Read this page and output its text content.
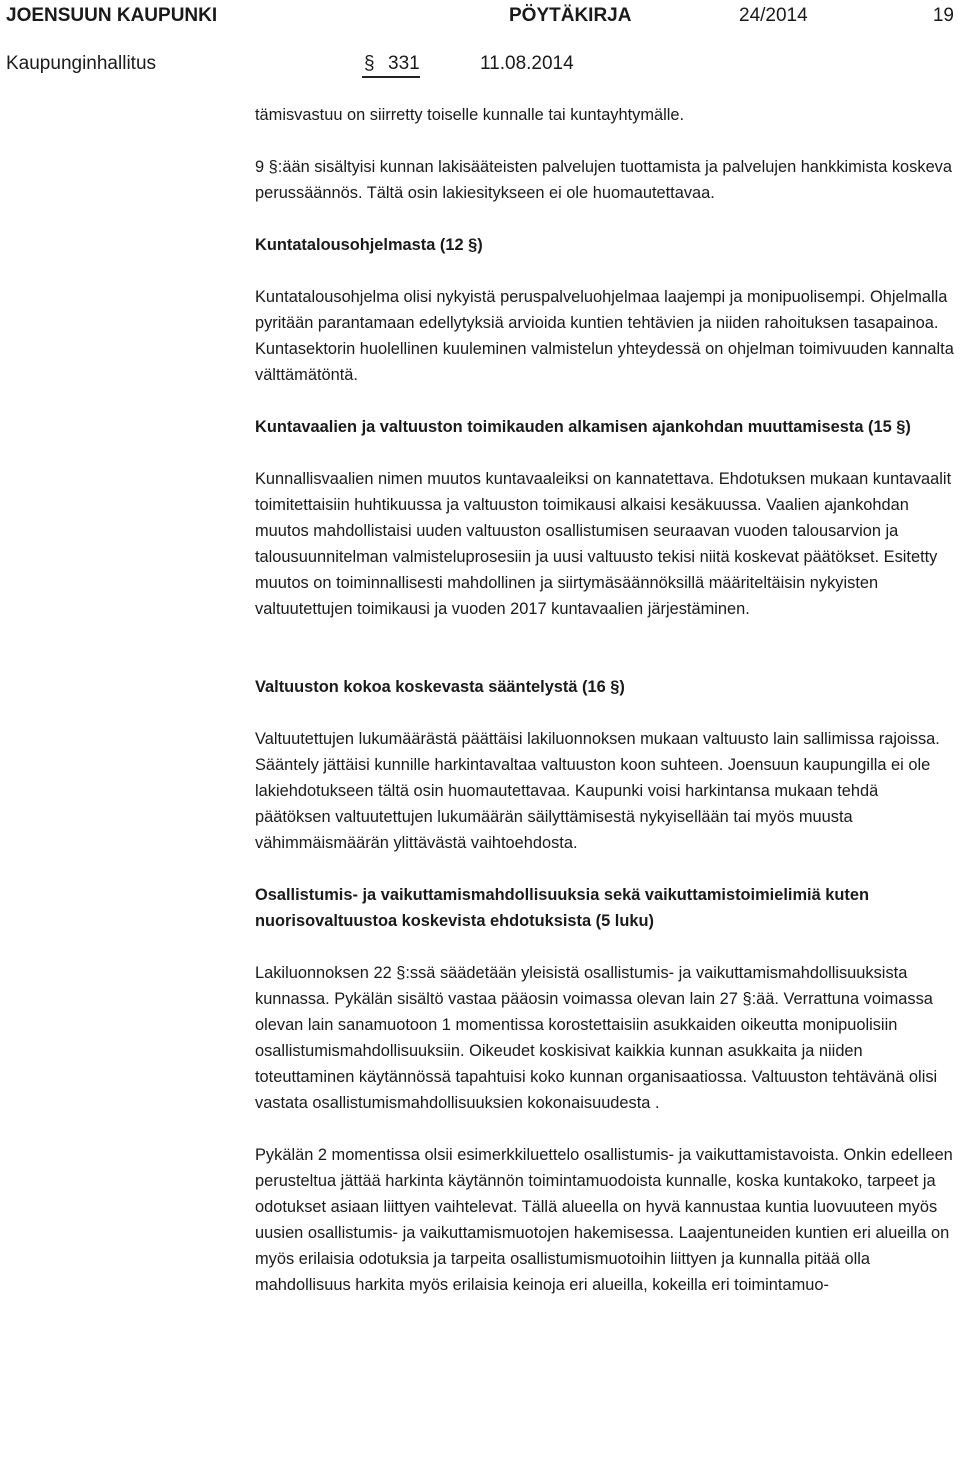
JOENSUUN KAUPUNKI	PÖYTÄKIRJA	24/2014	19
Kaupunginhallitus	§ 331	11.08.2014

tämisvastuu on siirretty toiselle kunnalle tai kuntayhtymälle.

9 §:ään sisältyisi kunnan lakisääteisten palvelujen tuottamista ja palvelujen hankkimista koskeva perussäännös. Tältä osin lakiesitykseen ei ole huomautettavaa.

Kuntatalousohjelmasta (12 §)

Kuntatalousohjelma olisi nykyistä peruspalveluohjelmaa laajempi ja monipuolisempi. Ohjelmalla pyritään parantamaan edellytyksiä arvioida kuntien tehtävien ja niiden rahoituksen tasapainoa. Kuntasektorin huolellinen kuuleminen valmistelun yhteydessä on ohjelman toimivuuden kannalta välttämätöntä.

Kuntavaalien ja valtuuston toimikauden alkamisen ajankohdan muuttamisesta (15 §)

Kunnallisvaalien nimen muutos kuntavaaleiksi on kannatettava. Ehdotuksen mukaan kuntavaalit toimitettaisiin huhtikuussa ja valtuuston toimikausi alkaisi kesäkuussa. Vaalien ajankohdan muutos mahdollistaisi uuden valtuuston osallistumisen seuraavan vuoden talousarvion ja talousuunnitelman valmisteluprosesiin ja uusi valtuusto tekisi niitä koskevat päätökset. Esitetty muutos on toiminnallisesti mahdollinen ja siirtymäsäännöksillä määriteltäisin nykyisten valtuutettujen toimikausi ja vuoden 2017 kuntavaalien järjestäminen.

Valtuuston kokoa koskevasta sääntelystä (16 §)

Valtuutettujen lukumäärästä päättäisi lakiluonnoksen mukaan valtuusto lain sallimissa rajoissa. Sääntely jättäisi kunnille harkintavaltaa valtuuston koon suhteen. Joensuun kaupungilla ei ole lakiehdotukseen tältä osin huomautettavaa. Kaupunki voisi harkintansa mukaan tehdä päätöksen valtuutettujen lukumäärän säilyttämisestä nykyisellään tai myös muusta vähimmäismäärän ylittävästä vaihtoehdosta.

Osallistumis- ja vaikuttamismahdollisuuksia sekä vaikuttamistoimielimiä kuten nuorisovaltuustoa koskevista ehdotuksista (5 luku)

Lakiluonnoksen 22 §:ssä säädetään yleisistä osallistumis- ja vaikuttamismahdollisuuksista kunnassa. Pykälän sisältö vastaa pääosin voimassa olevan lain 27 §:ää. Verrattuna voimassa olevan lain sanamuotoon 1 momentissa korostettaisiin asukkaiden oikeutta monipuolisiin osallistumismahdollisuuksiin. Oikeudet koskisivat kaikkia kunnan asukkaita ja niiden toteuttaminen käytännössä tapahtuisi koko kunnan organisaatiossa. Valtuuston tehtävänä olisi vastata osallistumismahdollisuuksien kokonaisuudesta .

Pykälän 2 momentissa olsii esimerkkiluettelo osallistumis- ja vaikuttamistavoista. Onkin edelleen perusteltua jättää harkinta käytännön toimintamuodoista kunnalle, koska kuntakoko, tarpeet ja odotukset asiaan liittyen vaihtelevat. Tällä alueella on hyvä kannustaa kuntia luovuuteen myös uusien osallistumis- ja vaikuttamismuotojen hakemisessa. Laajentuneiden kuntien eri alueilla on myös erilaisia odotuksia ja tarpeita osallistumismuotoihin liittyen ja kunnalla pitää olla mahdollisuus harkita myös erilaisia keinoja eri alueilla, kokeilla eri toimintamuo-
